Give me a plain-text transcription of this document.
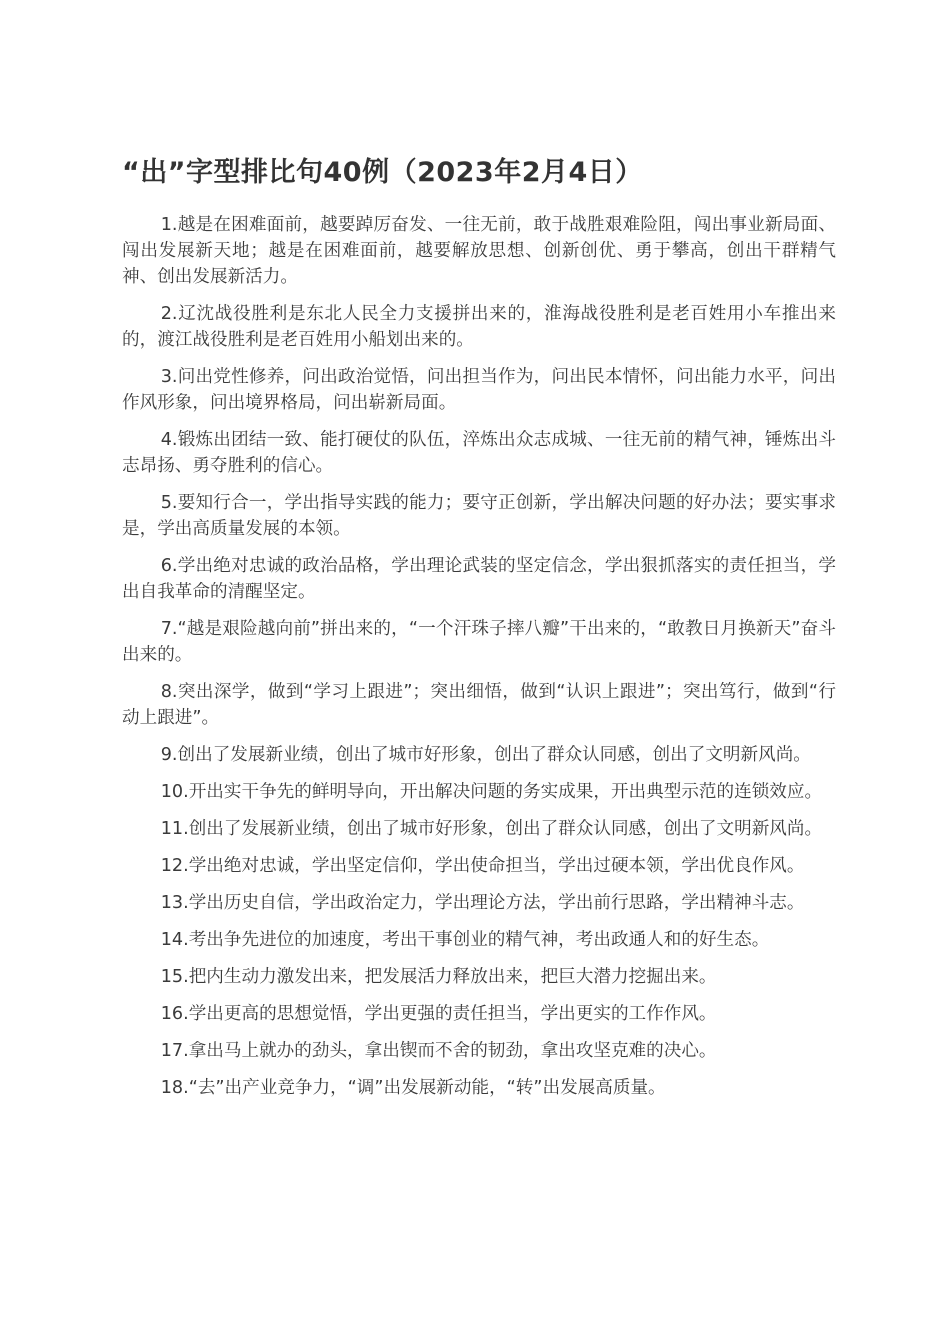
“出”字型排比句40例（2023年2月4日）

1.越是在困难面前，越要踔厉奋发、一往无前，敢于战胜艰难险阻，闯出事业新局面、闯出发展新天地；越是在困难面前，越要解放思想、创新创优、勇于攀高，创出干群精气神、创出发展新活力。

2.辽沈战役胜利是东北人民全力支援拼出来的，淮海战役胜利是老百姓用小车推出来的，渡江战役胜利是老百姓用小船划出来的。

3.问出党性修养，问出政治觉悟，问出担当作为，问出民本情怀，问出能力水平，问出作风形象，问出境界格局，问出崭新局面。

4.锻炼出团结一致、能打硬仗的队伍，淬炼出众志成城、一往无前的精气神，锤炼出斗志昂扬、勇夺胜利的信心。

5.要知行合一，学出指导实践的能力；要守正创新，学出解决问题的好办法；要实事求是，学出高质量发展的本领。

6.学出绝对忠诚的政治品格，学出理论武装的坚定信念，学出狠抓落实的责任担当，学出自我革命的清醒坚定。

7.“越是艰险越向前”拼出来的，“一个汗珠子摔八瓣”干出来的，“敢教日月换新天”奋斗出来的。

8.突出深学，做到“学习上跟进”；突出细悟，做到“认识上跟进”；突出笃行，做到“行动上跟进”。

9.创出了发展新业绩，创出了城市好形象，创出了群众认同感，创出了文明新风尚。

10.开出实干争先的鲜明导向，开出解决问题的务实成果，开出典型示范的连锁效应。

11.创出了发展新业绩，创出了城市好形象，创出了群众认同感，创出了文明新风尚。

12.学出绝对忠诚，学出坚定信仰，学出使命担当，学出过硬本领，学出优良作风。

13.学出历史自信，学出政治定力，学出理论方法，学出前行思路，学出精神斗志。

14.考出争先进位的加速度，考出干事创业的精气神，考出政通人和的好生态。

15.把内生动力激发出来，把发展活力释放出来，把巨大潜力挖掘出来。

16.学出更高的思想觉悟，学出更强的责任担当，学出更实的工作作风。

17.拿出马上就办的劲头，拿出锲而不舍的韧劲，拿出攻坚克难的决心。

18.“去”出产业竞争力，“调”出发展新动能，“转”出发展高质量。
